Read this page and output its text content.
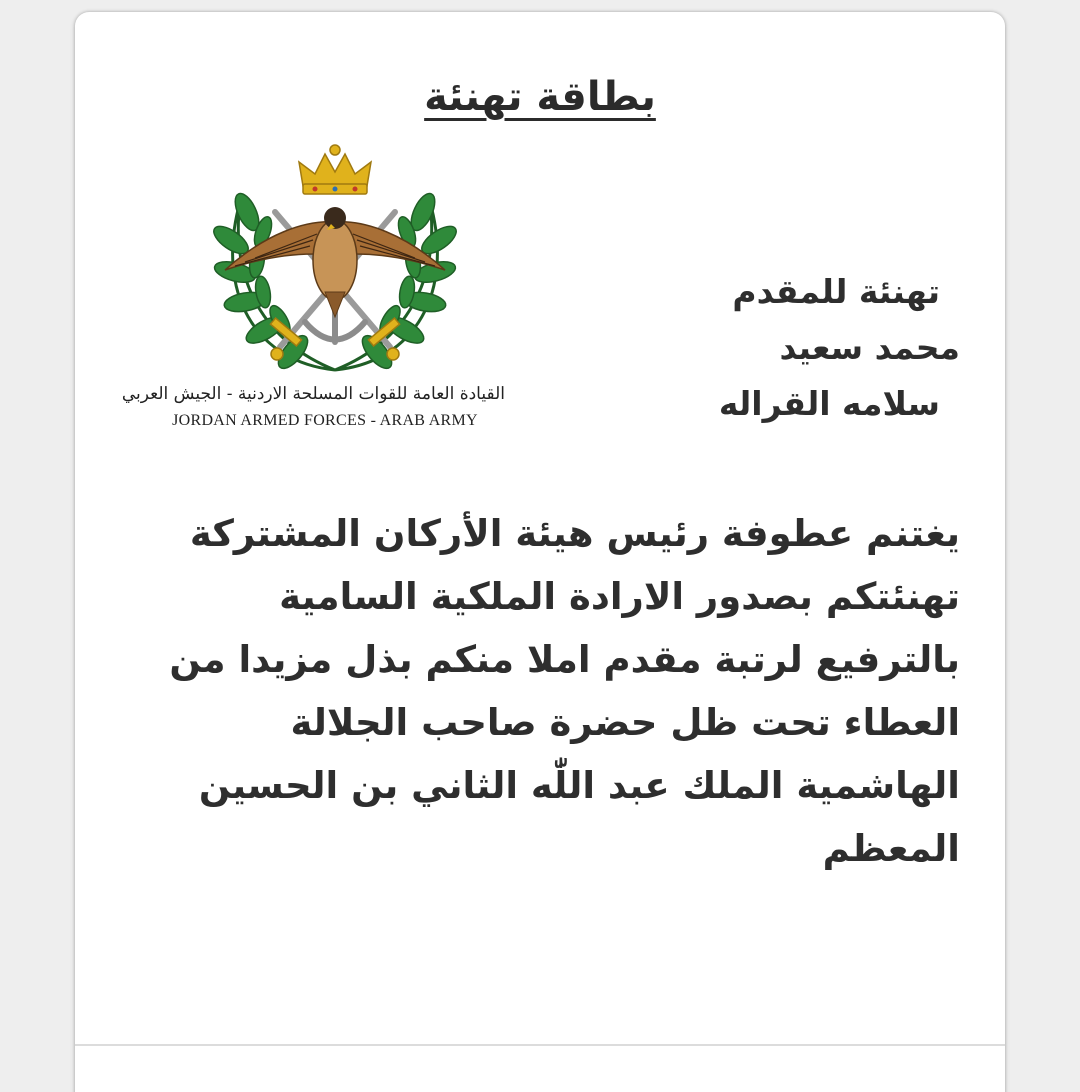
بطاقة تهنئة
القيادة العامة للقوات المسلحة الاردنية - الجيش العربي
JORDAN ARMED FORCES - ARAB ARMY
تهنئة للمقدم
محمد سعيد
سلامه القراله
يغتنم عطوفة رئيس هيئة الأركان المشتركة
تهنئتكم بصدور الارادة الملكية السامية
بالترفيع لرتبة مقدم املا منكم بذل مزيدا من
العطاء تحت ظل حضرة صاحب الجلالة
الهاشمية الملك عبد اللّٰه الثاني بن الحسين
المعظم
